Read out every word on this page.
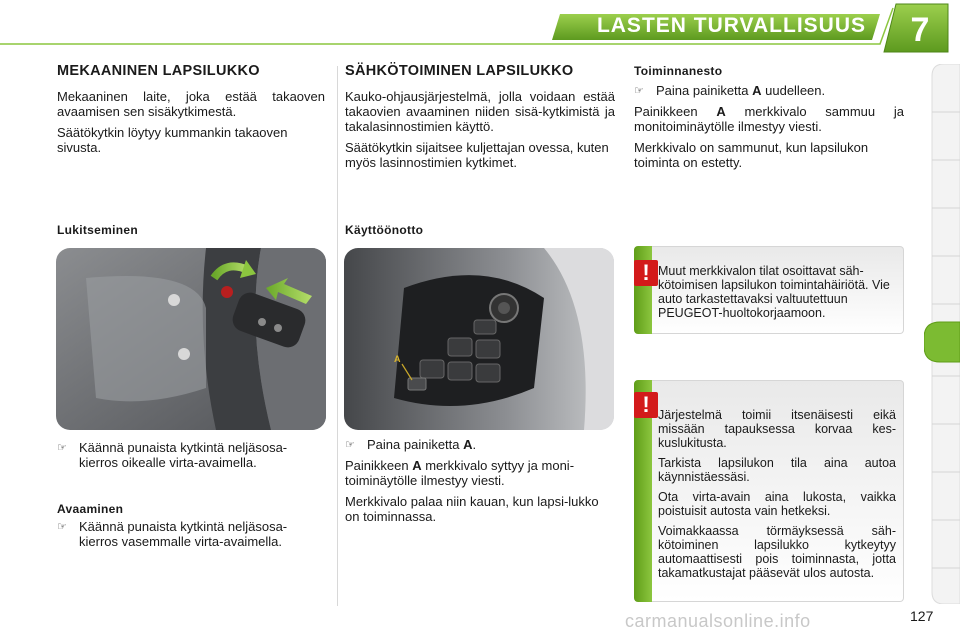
LASTEN TURVALLISUUS	7
MEKAANINEN LAPSILUKKO

Mekaaninen laite, joka estää takaoven avaamisen sen sisäkytkimestä.

Säätökytkin löytyy kummankin takaoven sivusta.

Lukitseminen
☞ Käännä punaista kytkintä neljäsosa-kierros oikealle virta-avaimella.
Avaaminen
☞ Käännä punaista kytkintä neljäsosa-kierros vasemmalle virta-avaimella.
SÄHKÖTOIMINEN LAPSILUKKO

Kauko-ohjausjärjestelmä, jolla voidaan estää takaovien avaaminen niiden sisä-kytkimistä ja takalasinnostimien käyttö.

Säätökytkin sijaitsee kuljettajan ovessa, kuten myös lasinnostimien kytkimet.

Käyttöönotto
A
☞ Paina painiketta A.

Painikkeen A merkkivalo syttyy ja moni-toiminäytölle ilmestyy viesti.

Merkkivalo palaa niin kauan, kun lapsi-lukko on toiminnassa.

Toiminnanesto
☞ Paina painiketta A uudelleen.

Painikkeen A merkkivalo sammuu ja monitoiminäytölle ilmestyy viesti.

Merkkivalo on sammunut, kun lapsilukon toiminta on estetty.

! Muut merkkivalon tilat osoittavat säh-kötoimisen lapsilukon toimintahäiriötä. Vie auto tarkastettavaksi valtuutettuun PEUGEOT-huoltokorjaamoon.
! Järjestelmä toimii itsenäisesti eikä missään tapauksessa korvaa kes-kuslukitusta.

Tarkista lapsilukon tila aina autoa käynnistäessäsi.

Ota virta-avain aina lukosta, vaikka poistuisit autosta vain hetkeksi.

Voimakkaassa törmäyksessä säh-kötoiminen lapsilukko kytkeytyy automaattisesti pois toiminnasta, jotta takamatkustajat pääsevät ulos autosta.

carmanualsonline.info	127
